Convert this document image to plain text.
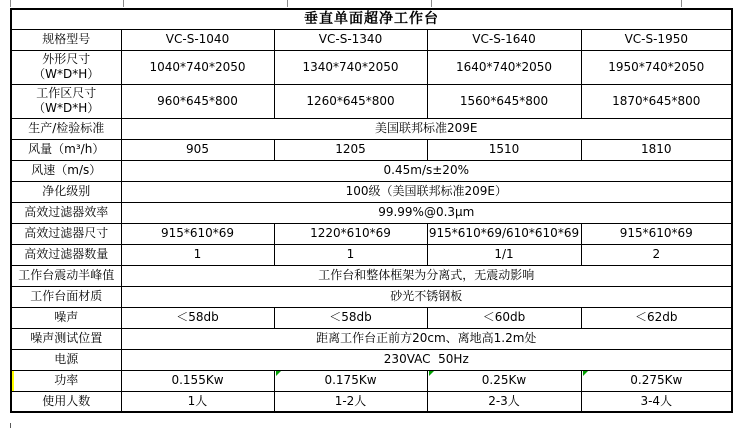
垂直单面超净工作台				
规格型号	VC-S-1040	VC-S-1340	VC-S-1640	VC-S-1950
外形尺寸
（W*D*H）	1040*740*2050	1340*740*2050	1640*740*2050	1950*740*2050
工作区尺寸
（W*D*H）	960*645*800	1260*645*800	1560*645*800	1870*645*800
生产/检验标准	美国联邦标准209E			
风量（m³/h）	905	1205	1510	1810
风速（m/s）	0.45m/s±20%			
净化级别	100级（美国联邦标准209E）			
高效过滤器效率	99.99%@0.3μm			
高效过滤器尺寸	915*610*69	1220*610*69	915*610*69/610*610*69	915*610*69
高效过滤器数量	1	1	1/1	2
工作台震动半峰值	工作台和整体框架为分离式，无震动影响			
工作台面材质	砂光不锈钢板			
噪声	＜58db	＜58db	＜60db	＜62db
噪声测试位置	距离工作台正前方20cm、离地高1.2m处			
电源	230VAC  50Hz			
功率	0.155Kw	0.175Kw	0.25Kw	0.275Kw
使用人数	1人	1-2人	2-3人	3-4人
